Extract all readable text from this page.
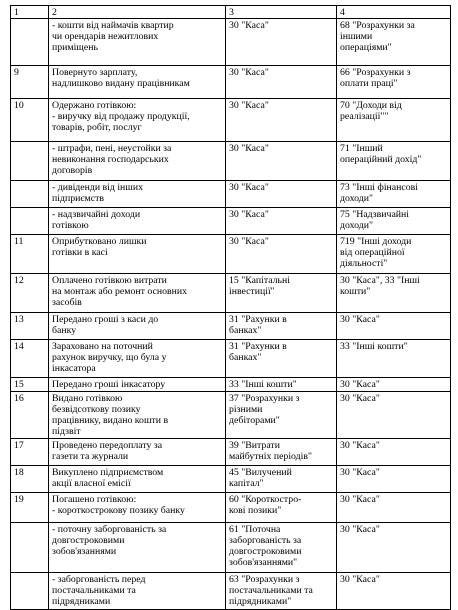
1	2	3	4

	- кошти від наймачів квартир
чи орендарів нежитлових
приміщень	30 "Каса"	68 "Розрахунки за
іншими
операціями"

9	Повернуто зарплату,
надлишково виданy працівникам	30 "Каса"	66 "Розрахунки з
оплати праці"

10	Одержано готівкою:
- виручку від продажу продукції,
товарів, робіт, послуг	30 "Каса"	70 "Доходи від
реалізації""

	- штрафи, пені, неустойки за
невиконання господарських
договорів	30 "Каса"	71 "Інший
операційний дохід"

	- дивіденди від інших
підприємств	30 "Каса"	73 "Інші фінансові
доходи"

	- надзвичайні доходи
готівкою	30 "Каса"	75 "Надзвичайні
доходи"

11	Оприбутковано лишки
готівки в касі	30 "Каса"	719 "Інші доходи
від операційної
діяльності"

12	Оплачено готівкою витрати
на монтаж або ремонт основних
засобів	15 "Капітальні
інвестиції"	30 "Каса", 33 "Інші
кошти"

13	Передано гроші з каси до
банку	31 "Рахунки в
банках"	30 "Каса"

14	Зараховано на поточний
рахунок виручку, що була у
інкасатора	31 "Рахунки в
банках"	33 "Інші кошти"

15	Передано гроші інкасатору	33 "Інші кошти"	30 "Каса"

16	Видано готівкою
безвідсоткову позику
працівнику, видано кошти в
підзвіт	37 "Розрахунки з
різними
дебіторами"	30 "Каса"

17	Проведено передоплату за
газети та журнали	39 "Витрати
майбутніх періодів"	30 "Каса"

18	Викуплено підприємством
акції власної емісії	45 "Вилучений
капітал"	30 "Каса"

19	Погашено готівкою:
- короткострокову позику банку	60 "Короткостро-
кові позики"	30 "Каса"

	- поточну заборгованість за
довгостроковими
зобов'язаннями	61 "Поточна
заборгованість за
довгостроковими
зобов'язаннями"	30 "Каса"

	- заборгованість перед
постачальниками та
підрядниками	63 "Розрахунки з
постачальниками та
підрядниками"	30 "Каса"
